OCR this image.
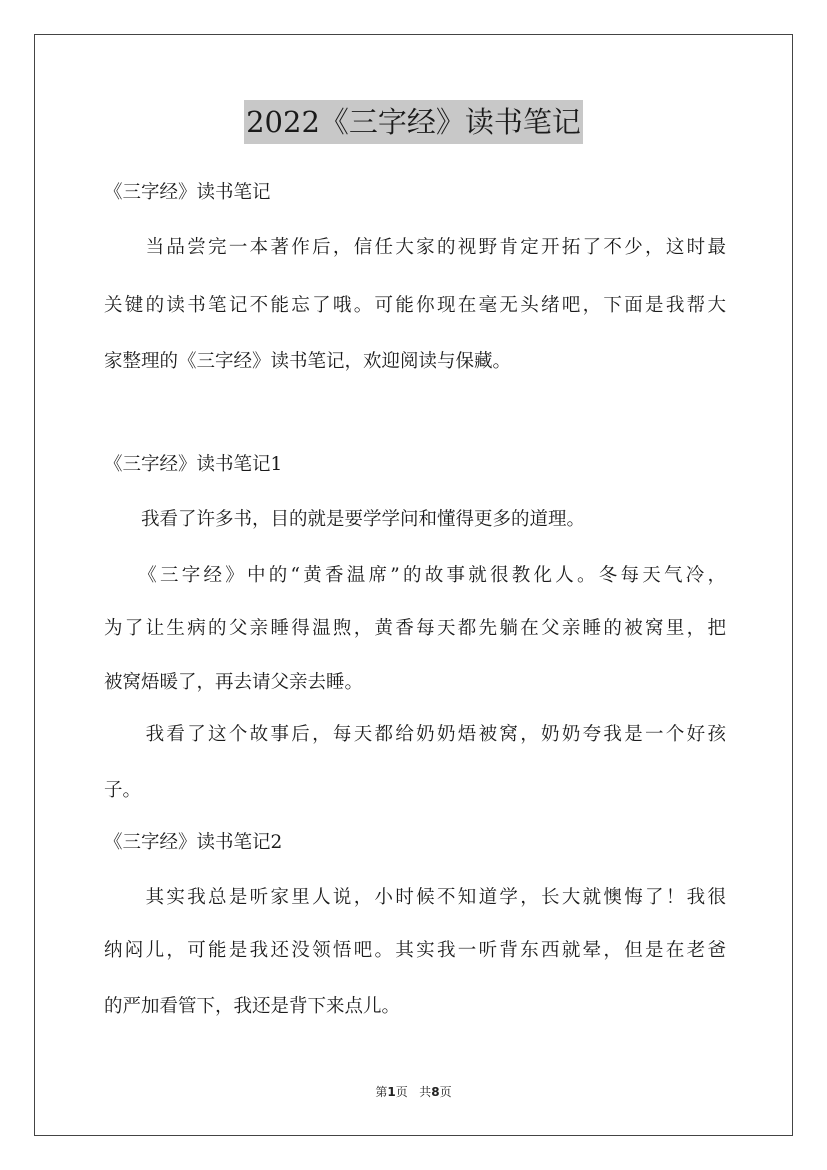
2022《三字经》读书笔记
《三字经》读书笔记
　　当品尝完一本著作后，信任大家的视野肯定开拓了不少，这时最
关键的读书笔记不能忘了哦。可能你现在毫无头绪吧，下面是我帮大
家整理的《三字经》读书笔记，欢迎阅读与保藏。
《三字经》读书笔记1
　　我看了许多书，目的就是要学学问和懂得更多的道理。
　　《三字经》中的“黄香温席”的故事就很教化人。冬每天气冷，
为了让生病的父亲睡得温煦，黄香每天都先躺在父亲睡的被窝里，把
被窝焐暖了，再去请父亲去睡。
　　我看了这个故事后，每天都给奶奶焐被窝，奶奶夸我是一个好孩
子。
《三字经》读书笔记2
　　其实我总是听家里人说，小时候不知道学，长大就懊悔了！我很
纳闷儿，可能是我还没领悟吧。其实我一听背东西就晕，但是在老爸
的严加看管下，我还是背下来点儿。
第1页 共8页
